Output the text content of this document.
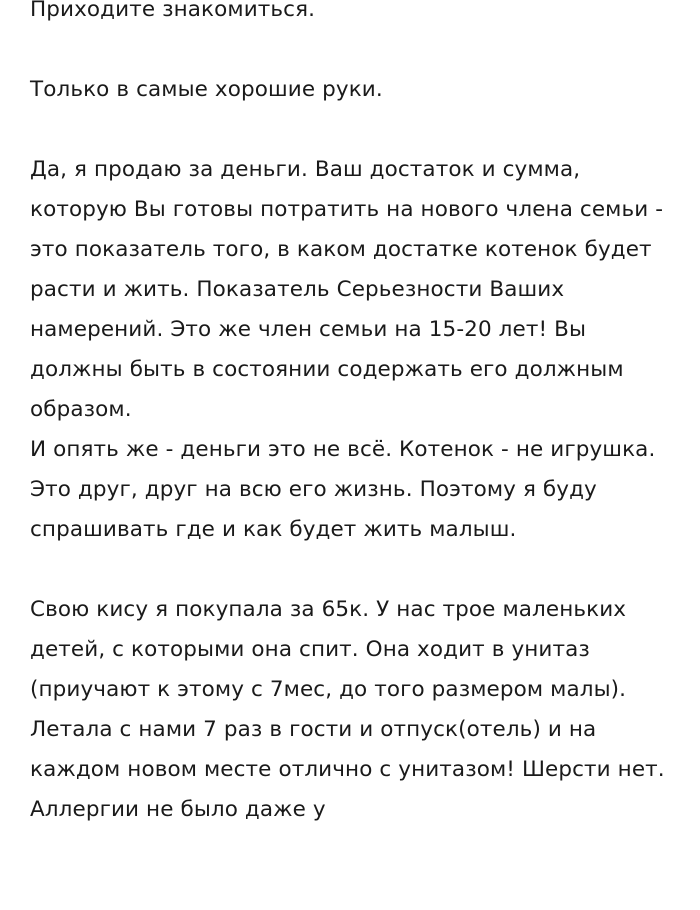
Приходите знакомиться.

Только в самые хорошие руки.

Да, я продаю за деньги. Ваш достаток и сумма, которую Вы готовы потратить на нового члена семьи - это показатель того, в каком достатке котенок будет расти и жить. Показатель Серьезности Ваших намерений. Это же член семьи на 15-20 лет! Вы должны быть в состоянии содержать его должным образом.

И опять же - деньги это не всё. Котенок - не игрушка. Это друг, друг на всю его жизнь. Поэтому я буду спрашивать где и как будет жить малыш.

Свою кису я покупала за 65к. У нас трое маленьких детей, с которыми она спит. Она ходит в унитаз (приучают к этому с 7мес, до того размером малы). Летала с нами 7 раз в гости и отпуск(отель) и на каждом новом месте отлично с унитазом! Шерсти нет. Аллергии не было даже у
